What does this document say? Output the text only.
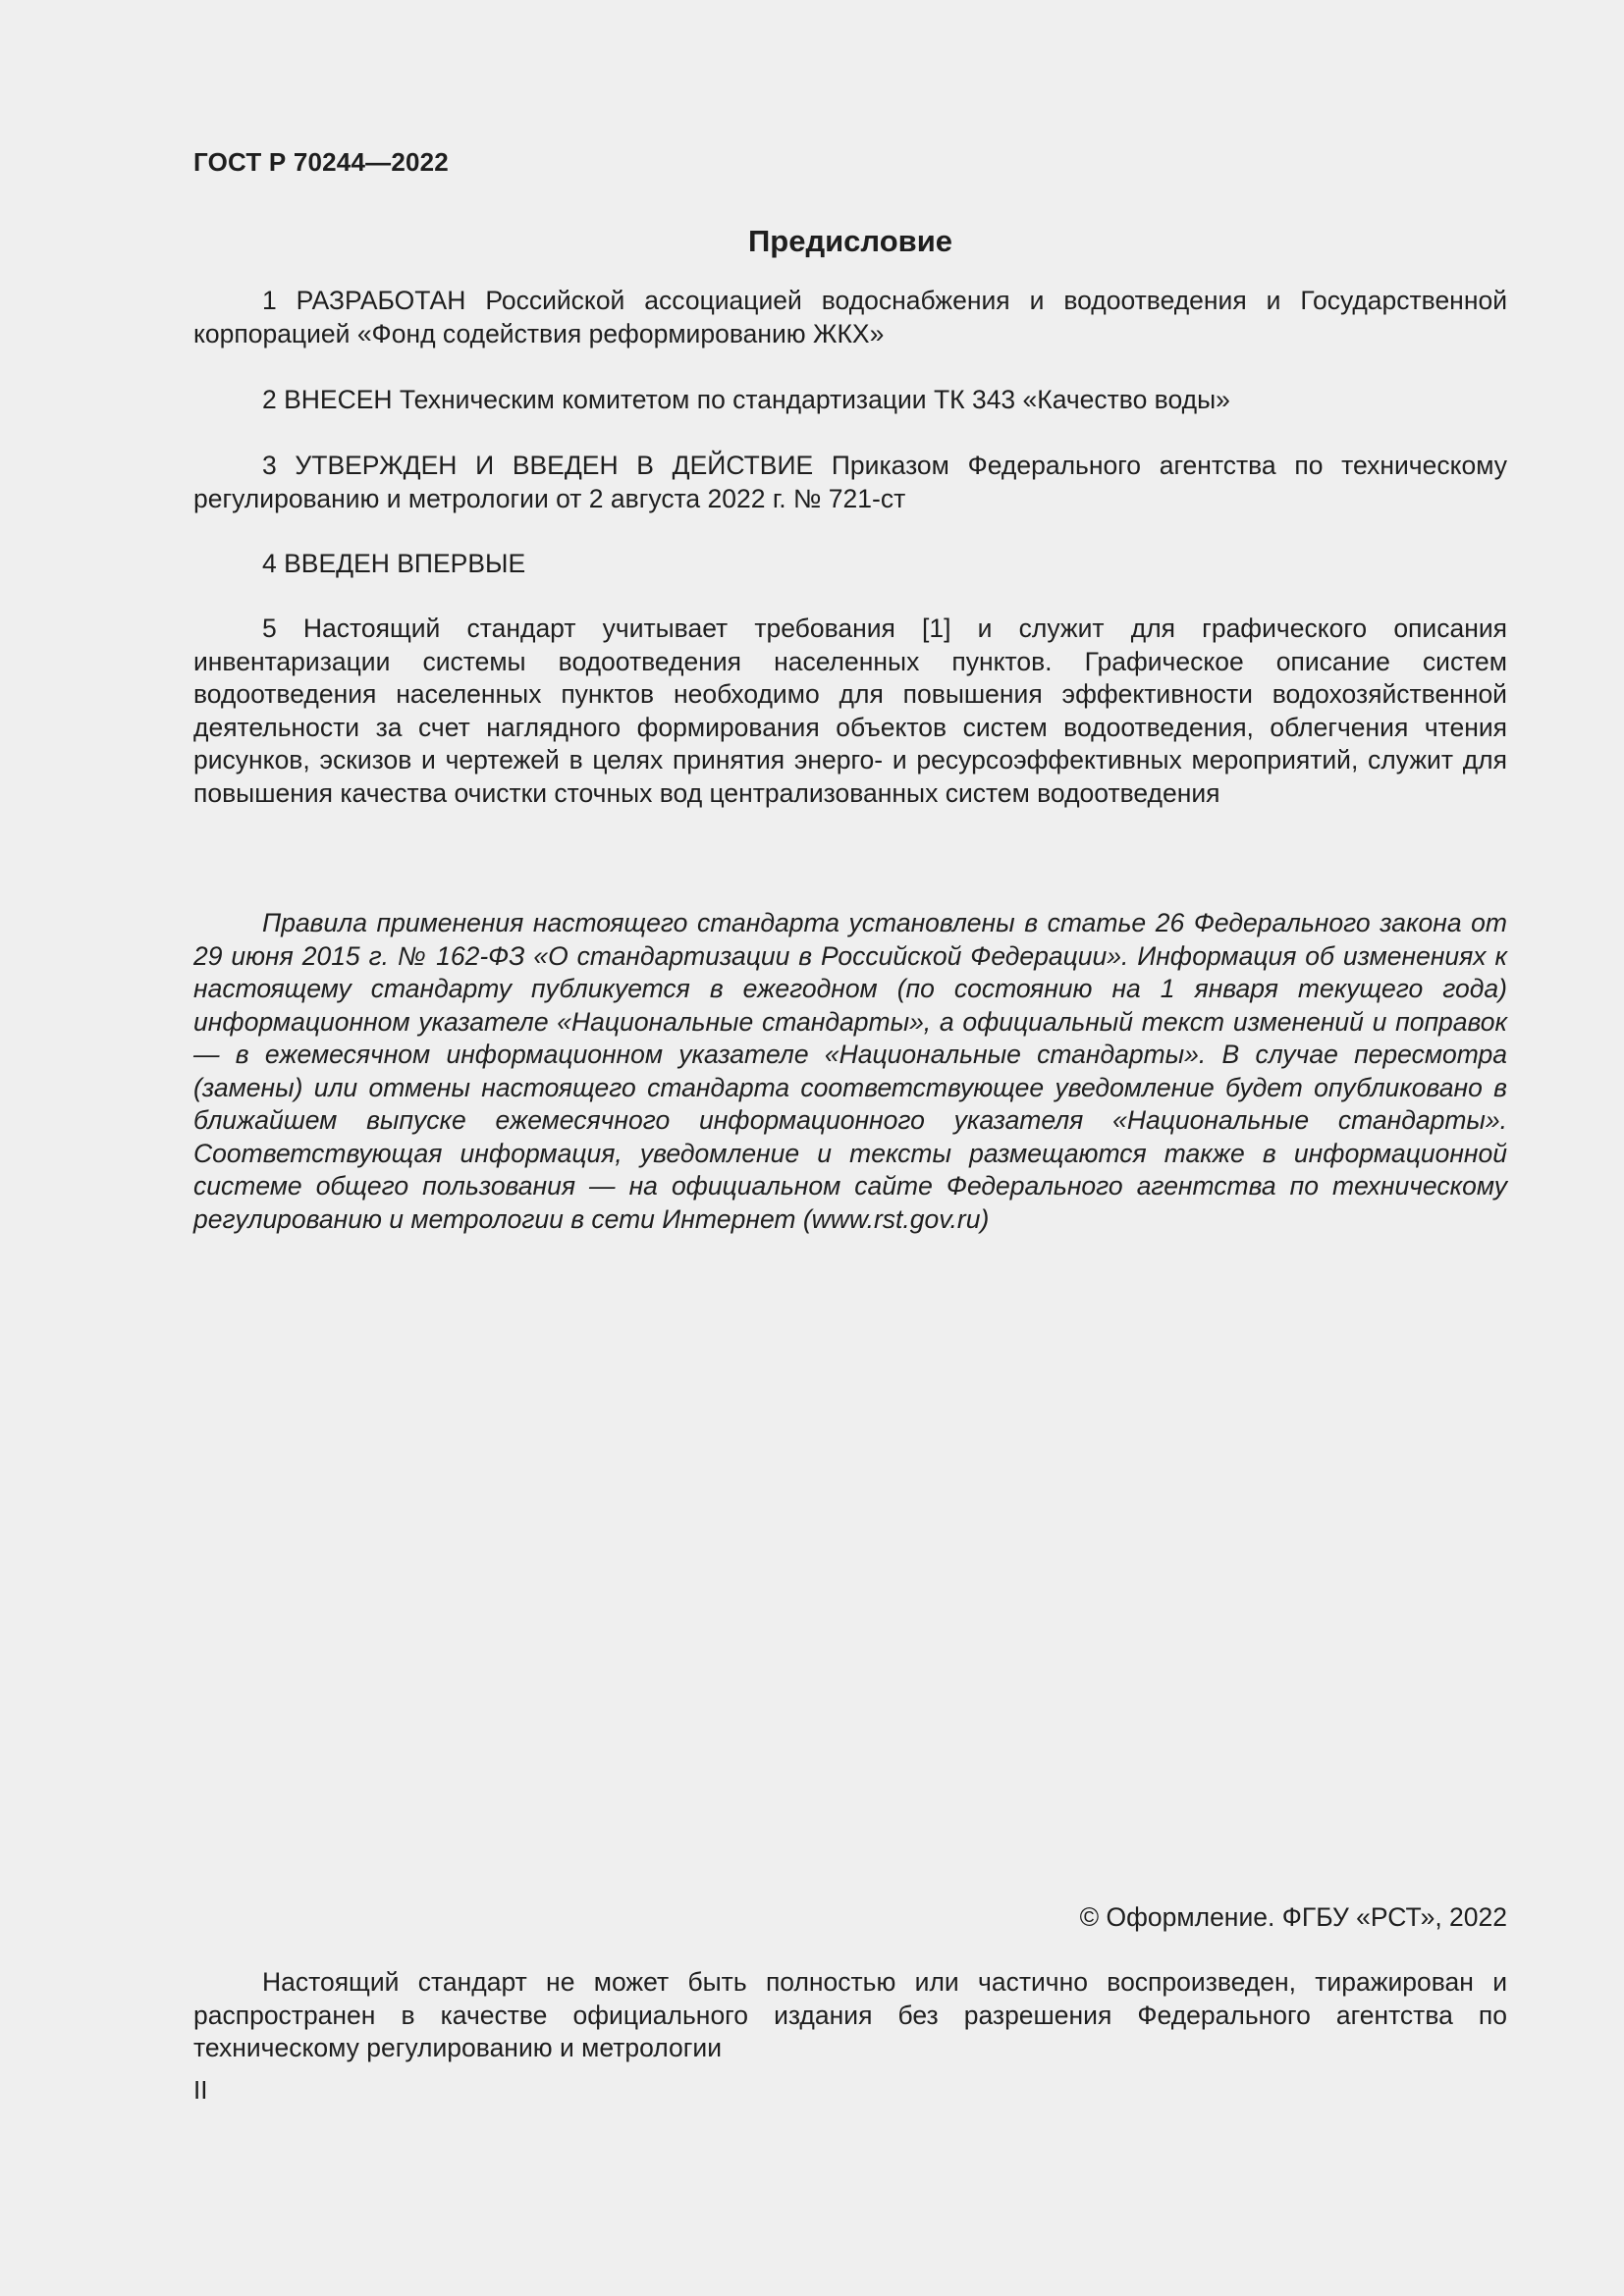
ГОСТ Р 70244—2022
Предисловие

1 РАЗРАБОТАН Российской ассоциацией водоснабжения и водоотведения и Государственной корпорацией «Фонд содействия реформированию ЖКХ»

2 ВНЕСЕН Техническим комитетом по стандартизации ТК 343 «Качество воды»

3 УТВЕРЖДЕН И ВВЕДЕН В ДЕЙСТВИЕ Приказом Федерального агентства по техническому регулированию и метрологии от 2 августа 2022 г. № 721-ст

4 ВВЕДЕН ВПЕРВЫЕ

5 Настоящий стандарт учитывает требования [1] и служит для графического описания инвентаризации системы водоотведения населенных пунктов. Графическое описание систем водоотведения населенных пунктов необходимо для повышения эффективности водохозяйственной деятельности за счет наглядного формирования объектов систем водоотведения, облегчения чтения рисунков, эскизов и чертежей в целях принятия энерго- и ресурсоэффективных мероприятий, служит для повышения качества очистки сточных вод централизованных систем водоотведения

Правила применения настоящего стандарта установлены в статье 26 Федерального закона от 29 июня 2015 г. № 162-ФЗ «О стандартизации в Российской Федерации». Информация об изменениях к настоящему стандарту публикуется в ежегодном (по состоянию на 1 января текущего года) информационном указателе «Национальные стандарты», а официальный текст изменений и поправок — в ежемесячном информационном указателе «Национальные стандарты». В случае пересмотра (замены) или отмены настоящего стандарта соответствующее уведомление будет опубликовано в ближайшем выпуске ежемесячного информационного указателя «Национальные стандарты». Соответствующая информация, уведомление и тексты размещаются также в информационной системе общего пользования — на официальном сайте Федерального агентства по техническому регулированию и метрологии в сети Интернет (www.rst.gov.ru)

© Оформление. ФГБУ «РСТ», 2022

Настоящий стандарт не может быть полностью или частично воспроизведен, тиражирован и распространен в качестве официального издания без разрешения Федерального агентства по техническому регулированию и метрологии

II
